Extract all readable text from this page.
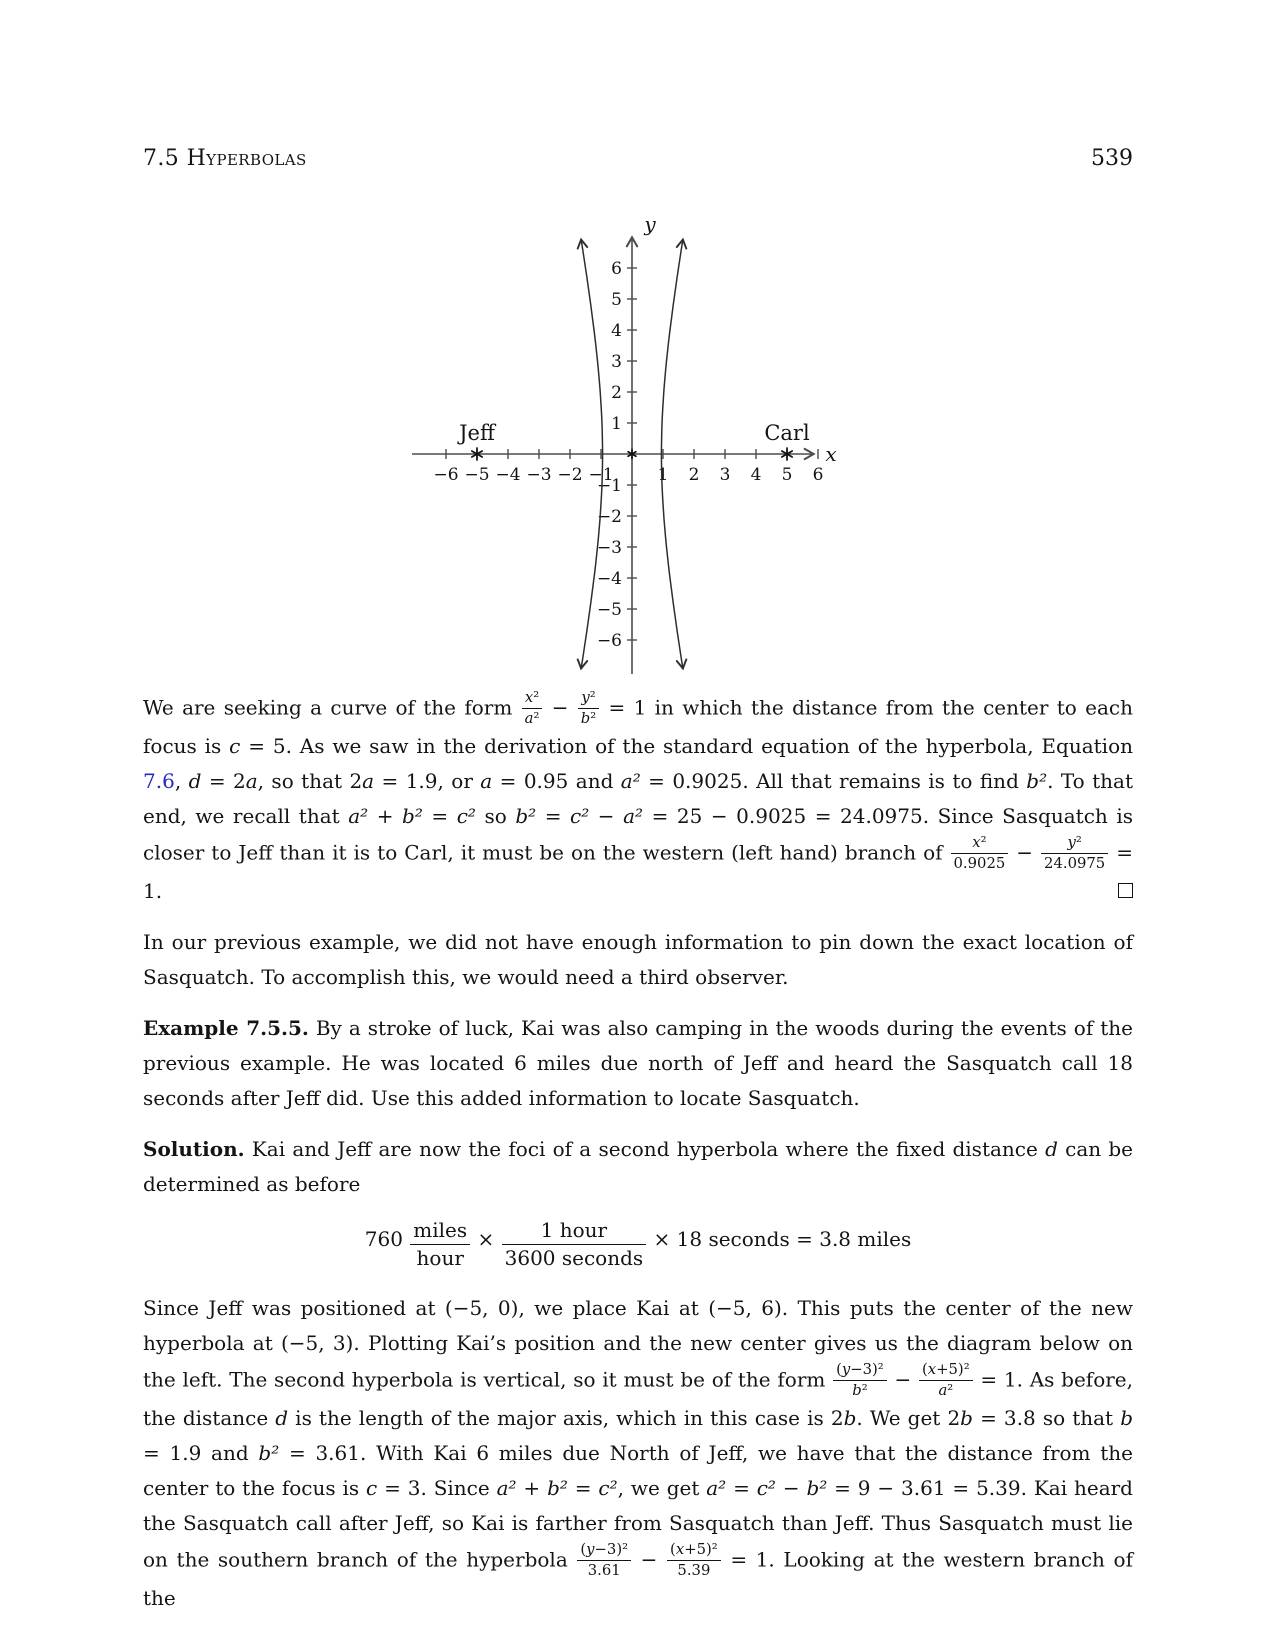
7.5 Hyperbolas	539
x
y
−6 −5 −4 −3 −2 −1	1 2 3 4 5 6
6
5
4
3
2
1
−1
−2
−3
−4
−5
−6
Jeff	Carl

We are seeking a curve of the form $\frac{\text{x²}}{\text{a²}} - \frac{\text{y²}}{\text{b²}} = 1$ in which the distance from the center to each focus is c = 5. As we saw in the derivation of the standard equation of the hyperbola, Equation 7.6, d = 2a, so that 2a = 1.9, or a = 0.95 and a² = 0.9025. All that remains is to find b². To that end, we recall that a² + b² = c² so b² = c² − a² = 25 − 0.9025 = 24.0975. Since Sasquatch is closer to Jeff than it is to Carl, it must be on the western (left hand) branch of $\frac{\text{x²}}{0.9025} - \frac{\text{y²}}{24.0975} = 1$.

In our previous example, we did not have enough information to pin down the exact location of Sasquatch. To accomplish this, we would need a third observer.

Example 7.5.5. By a stroke of luck, Kai was also camping in the woods during the events of the previous example. He was located 6 miles due north of Jeff and heard the Sasquatch call 18 seconds after Jeff did. Use this added information to locate Sasquatch.

Solution. Kai and Jeff are now the foci of a second hyperbola where the fixed distance d can be determined as before

$760 \frac{\text{miles}}{\text{hour}} \times \frac{\text{1 hour}}{\text{3600 seconds}} \times 18$ seconds = 3.8 miles

Since Jeff was positioned at (−5, 0), we place Kai at (−5, 6). This puts the center of the new hyperbola at (−5, 3). Plotting Kai’s position and the new center gives us the diagram below on the left. The second hyperbola is vertical, so it must be of the form $\frac{\text{(y−3)²}}{\text{b²}} - \frac{\text{(x+5)²}}{\text{a²}} = 1$. As before, the distance d is the length of the major axis, which in this case is 2b. We get 2b = 3.8 so that b = 1.9 and b² = 3.61. With Kai 6 miles due North of Jeff, we have that the distance from the center to the focus is c = 3. Since a² + b² = c², we get a² = c² − b² = 9 − 3.61 = 5.39. Kai heard the Sasquatch call after Jeff, so Kai is farther from Sasquatch than Jeff. Thus Sasquatch must lie on the southern branch of the hyperbola $\frac{\text{(y−3)²}}{3.61} - \frac{\text{(x+5)²}}{5.39} = 1$. Looking at the western branch of the
